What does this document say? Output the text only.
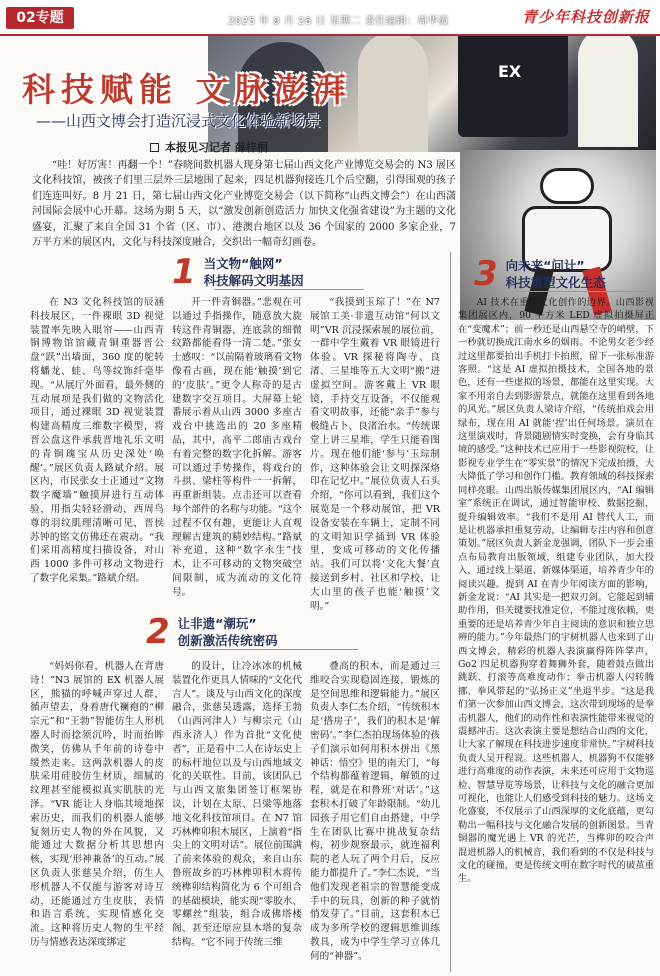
EX
02专题	2025 年 8 月 26 日 星期二 责任编辑：周华霞	青少年科技创新报
科技赋能 文脉澎湃
——山西文博会打造沉浸式文化体验新场景
本报见习记者 薛梓桐

“哇！好厉害！再翻一个！”春晓间数机器人现身第七届山西文化产业博览交易会的 N3 展区文化科技馆，被孩子们里三层外三层地围了起来，四足机器狗接连几个后空翻，引得围观的孩子们连连叫好。8 月 21 日，第七届山西文化产业博览交易会（以下简称“山西文博会”）在山西潇河国际会展中心开幕。这场为期 5 天，以“激发创新创造活力 加快文化强省建设”为主题的文化盛宴，汇聚了来自全国 31 个省（区、市）、港澳台地区以及 36 个国家的 2000 多家企业，7 万平方米的展区内，文化与科技深度融合，交织出一幅奇幻画卷。

1 当文物“触网”
科技解码文明基因

在 N3 文化科技馆的辰涵科技展区，一件裸眼 3D 视觉装置率先映入眼帘——山西青铜博物馆馆藏青铜重器晋公盘“跃”出墙面，360 度的鸵转将蟠龙、蛙、鸟等纹饰纤毫毕现。“从展厅外面看，最外侧的互动展项是我们做的文物活化项目，通过裸眼 3D 视觉装置构建高精度三维数字模型，将晋公盘这件承载晋地礼乐文明的青铜瑰宝从历史深处‘唤醒’。”展区负责人路斌介绍。展区内，市民张女士正通过“文物数字魔墙”触摸屏进行互动体验，用指尖轻轻滑动，西周鸟尊的羽纹肌理清晰可见，晋侯苏钟的铭文仿佛还在震动。“我们采用高精度扫描设备，对山西 1000 多件可移动文物进行了数字化采集。”路斌介绍。

开一件青铜器。”悲观在可以通过手指操作，随意放大旋转这件青铜器，连底款的细微纹路都能看得一清二楚。”张女士感叹：“以前隔着玻璃看文物像看古画，现在能‘触摸’到它的‘皮肤’。”更令人称奇的是古建数字交互项目。大屏幕上轮番展示着从山西 3000 多座古戏台中挑选出的 20 多座精品，其中，高平二郎庙古戏台有着完整的数字化拆解。游客可以通过手势操作，将戏台的斗拱、梁柱等构件一一拆解，再重新组装。点击还可以查看每个部件的名称与功能。“这个过程不仅有趣，更能让人直观理解古建筑的精妙结构。”路斌补充道，这种“数字永生”技术，让不可移动的文物突破空间限制，成为流动的文化符号。

“我摸到玉琮了！”在 N7 展馆工美·非遗互动馆“何以文明”VR 沉浸探索展的展位前，一群中学生戴着 VR 眼镜进行体验。VR 探秘将陶寺、良渚、三星堆等五大文明“搬”进虚拟空间。游客戴上 VR 眼镜，手持交互设备，不仅能观看文明故事，还能“亲手”参与极缝占卜、良渚治水。“传统课堂上讲三星堆，学生只能看图片。现在他们能‘参与’玉琮制作，这种体验会让文明探深烙印在记忆中。”展位负责人石头介绍，“你可以看到，我们这个展览是一个移动展馆，把 VR 设备安装在车辆上，定制不同的文明知识学插到 VR 体验里，变成可移动的文化传播站。我们可以将‘文化大餐’直接送到乡村、社区和学校，让大山里的孩子也能‘触摸’文明。”

2 让非遗“潮玩”
创新激活传统密码

“妈妈你看，机器人在背唐诗！”N3 展馆的 EX 机器人展区，熊猫的呼喊声穿过人群，循声望去，身着唐代襕袍的“柳宗元”和“王勃”智能仿生人形机器人时而捻须沉吟，时而抬眸微笑，仿佛从千年前的诗卷中缓然走来。这两款机器人的皮肤采用硅胶仿生材质，细腻的纹理甚至能模拟真实肌肤的光泽。“VR 能让人身临其境地探索历史，而我们的机器人能够复刻历史人物的外在风貌，又能通过大数据分析其思想内核，实现‘形神兼备’的互动。”展区负责人张慈吴介绍，仿生人形机器人不仅能与游客对诗互动，还能通过方生皮肤，表情和语言系统，实现情感化交流。这种将历史人物的生平经历与情感表达深度绑定

的设计，让冷冰冰的机械装置化作更具人情味的“文化代言人”。谈及与山西文化的深度融合，张慈吴透露，选择王勃（山西河津人）与柳宗元（山西永济人）作为首批“文化使者”，正是看中二人在诗坛史上的标杆地位以及与山西地域文化的关联性。目前，该团队已与山西文旅集团签订框架协议，计划在太原、吕梁等地落地文化科技馆项目。在 N7 馆巧林榫卯积木展区，上演着“指尖上的文明对话”。展位前围满了前来体验的观众，来自山东鲁班故乡的巧林榫卯积木将传统榫卯结构简化为 6 个可组合的基础模块，能实现“零胶水、零螺丝”组装，组合成佛塔楼阁、甚至还原应县木塔的复杂结构。“它不同于传统三维

叠高的积木，而是通过三维咬合实现稳固连接，锻炼的是空间思维和逻辑能力。”展区负责人李仁杰介绍，“传统积木是‘搭房子’，我们的积木是‘解密码’。”李仁杰拍现场体验的孩子们演示如何用积木拼出《黑神话：悟空》里的南天门，“每个结构都蕴着逻辑，解锁的过程，就是在和鲁班‘对话’。”这套积木打破了年龄限制。“幼儿园孩子用它们自由搭建，中学生在团队比赛中挑战复杂结构，初步规察最示，就连福利院的老人玩了两个月后，反应能力都提升了。”李仁杰说，“当他们发现老祖宗的智慧能变成手中的玩具，创新的种子就悄悄发芽了。”目前，这套积木已成为多所学校的逻辑思维训练教具，成为中学生学习立体几何的“神器”。

3 向未来“问计”
科技重塑文化生态

AI 技术在重塑文化创作的边界。山西影视集团展区内，90 平方米 LED 虚拟拍摄屏正在“变魔术”；前一秒还是山西悬空寺的峭壁，下一秒就切换成江南水乡的烟雨。不论男女老少经过这里都要拍出手机打卡拍照，留下一张标准游客照。“这是 AI 虚拟拍摄技术，全国各地的景色，还有一些虚拟的场景，都能在这里实现。大家不用亲自去到影游景点，就能在这里看到各地的风光。”展区负责人梁诗介绍，“传统拍戏会用绿布，现在用 AI 就能‘捏’出任何场景。演员在这里演戏时，背景随剧情实时变换，会有身临其境的感受。”这种技术已应用于一些影视院校，让影视专业学生在“零实景”的情况下完成拍摄，大大降低了学习和创作门槛。教育领域的科技探索同样亮眼。山西出版传媒集团展区内，“AI 编辑室”系统正在调试，通过智能审校、数据挖掘，提升编辑效率。“我们不是用 AI 替代人工，而是让机器承担重复劳动，让编辑专注内容和创意策划。”展区负责人新金龙强调，团队下一步会重点布局教育出版领域，组建专业团队，加大投入，通过线上渠道、新媒体渠道，培养青少年的阅读兴趣。提到 AI 在青少年阅读方面的影响，新金龙说：“AI 其实是一把双刃剑。它能起到辅助作用，但关键要找准定位，不能过度依赖，更重要的还是培养青少年自主阅读的意识和独立思辨的能力。”今年最热门的宇树机器人也来到了山西文博会，精彩的机器人表演赢得阵阵掌声，Go2 四足机器狗穿着舞狮外套，随着鼓点做出跳跃、打滚等高难度动作；拳击机器人闪转腾挪、拳风带起的“弘扬正义”坐退半步。“这是我们第一次参加山西文博会，这次带到现场的是拳击机器人，他们的动作性和表演性能带来视觉的震撼冲击。这次表演主要是想结合山西的文化，让大家了解现在科技进步速度非常快。”宇树科技负责人吴开程说。这些机器人，机器狗不仅能够进行高难度的动作表演，未来还可应用于文物巡检、智慧导览等场景，让科技与文化的融合更加可视化，也能让人们感受到科技的魅力。这场文化盛宴，不仅展示了山西深厚的文化底蕴，更勾勒出一幅科技与文化融合发展的创新图景。当青铜器的魔光遇上 VR 的光芒，当榫卯的咬合声混进机器人的机械音，我们看到的不仅是科技与文化的碰撞，更是传统文明在数字时代的破茧重生。
